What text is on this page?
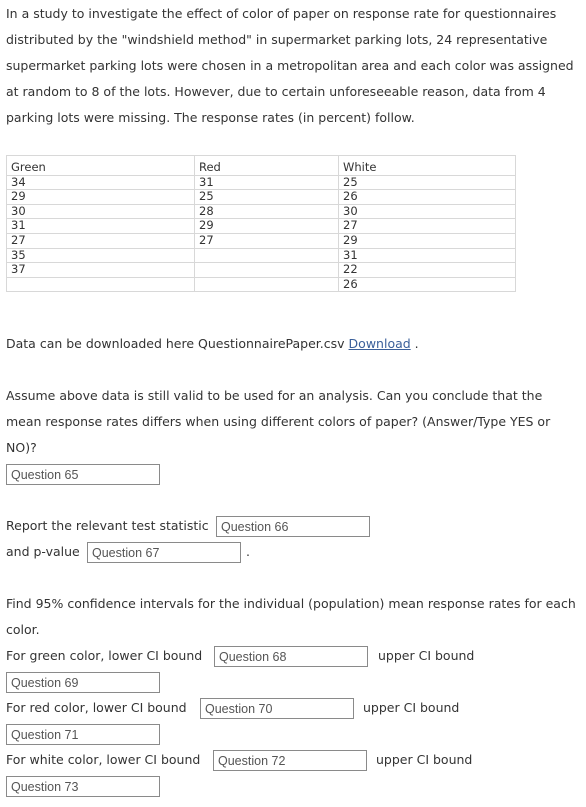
In a study to investigate the effect of color of paper on response rate for questionnaires distributed by the "windshield method" in supermarket parking lots, 24 representative supermarket parking lots were chosen in a metropolitan area and each color was assigned at random to 8 of the lots. However, due to certain unforeseeable reason, data from 4 parking lots were missing. The response rates (in percent) follow.

Green	Red	White
34	31	25
29	25	26
30	28	30
31	29	27
27	27	29
35		31
37		22
		26

Data can be downloaded here QuestionnairePaper.csv Download .

Assume above data is still valid to be used for an analysis. Can you conclude that the mean response rates differs when using different colors of paper? (Answer/Type YES or NO)?

Question 65
Report the relevant test statistic
Question 66
and p-value
Question 67	.

Find 95% confidence intervals for the individual (population) mean response rates for each color.

For green color, lower CI bound
Question 68	upper CI bound
Question 69
For red color, lower CI bound
Question 70	upper CI bound
Question 71
For white color, lower CI bound
Question 72	upper CI bound
Question 73
